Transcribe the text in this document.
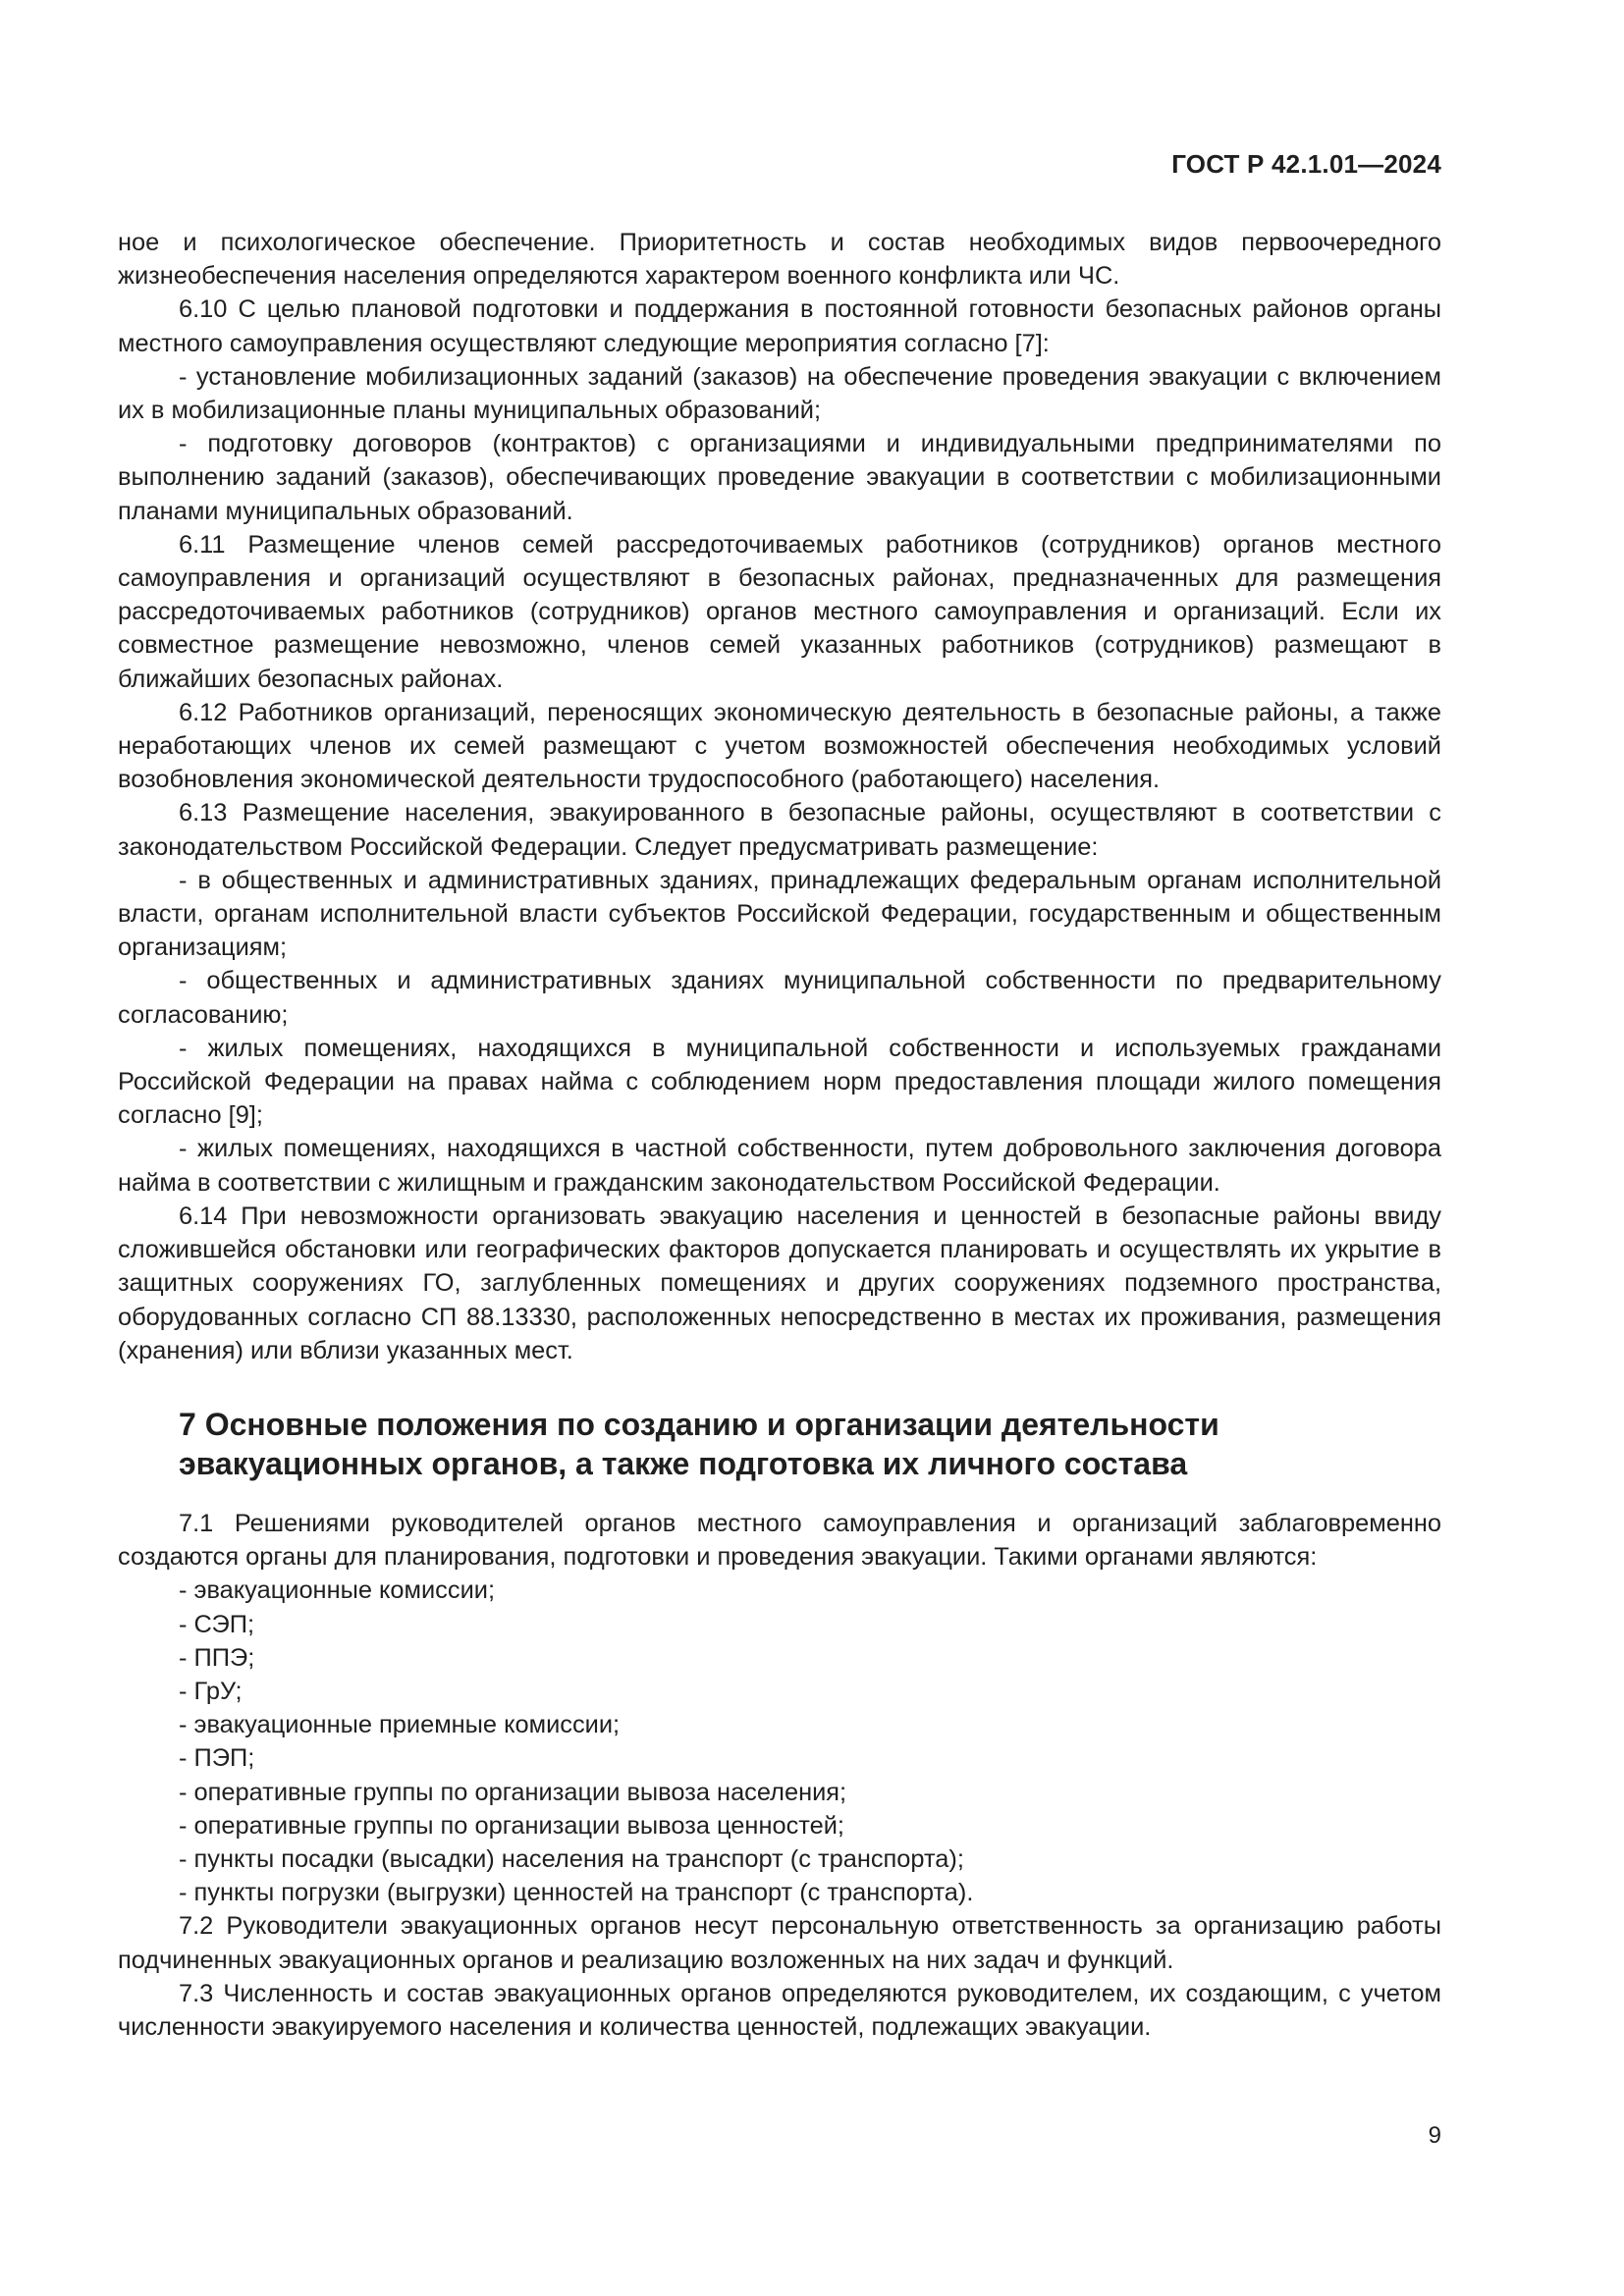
ГОСТ Р 42.1.01—2024

ное и психологическое обеспечение. Приоритетность и состав необходимых видов первоочередного жизнеобеспечения населения определяются характером военного конфликта или ЧС.

6.10 С целью плановой подготовки и поддержания в постоянной готовности безопасных районов органы местного самоуправления осуществляют следующие мероприятия согласно [7]:

- установление мобилизационных заданий (заказов) на обеспечение проведения эвакуации с включением их в мобилизационные планы муниципальных образований;

- подготовку договоров (контрактов) с организациями и индивидуальными предпринимателями по выполнению заданий (заказов), обеспечивающих проведение эвакуации в соответствии с мобилизационными планами муниципальных образований.

6.11 Размещение членов семей рассредоточиваемых работников (сотрудников) органов местного самоуправления и организаций осуществляют в безопасных районах, предназначенных для размещения рассредоточиваемых работников (сотрудников) органов местного самоуправления и организаций. Если их совместное размещение невозможно, членов семей указанных работников (сотрудников) размещают в ближайших безопасных районах.

6.12 Работников организаций, переносящих экономическую деятельность в безопасные районы, а также неработающих членов их семей размещают с учетом возможностей обеспечения необходимых условий возобновления экономической деятельности трудоспособного (работающего) населения.

6.13 Размещение населения, эвакуированного в безопасные районы, осуществляют в соответствии с законодательством Российской Федерации. Следует предусматривать размещение:

- в общественных и административных зданиях, принадлежащих федеральным органам исполнительной власти, органам исполнительной власти субъектов Российской Федерации, государственным и общественным организациям;

- общественных и административных зданиях муниципальной собственности по предварительному согласованию;

- жилых помещениях, находящихся в муниципальной собственности и используемых гражданами Российской Федерации на правах найма с соблюдением норм предоставления площади жилого помещения согласно [9];

- жилых помещениях, находящихся в частной собственности, путем добровольного заключения договора найма в соответствии с жилищным и гражданским законодательством Российской Федерации.

6.14 При невозможности организовать эвакуацию населения и ценностей в безопасные районы ввиду сложившейся обстановки или географических факторов допускается планировать и осуществлять их укрытие в защитных сооружениях ГО, заглубленных помещениях и других сооружениях подземного пространства, оборудованных согласно СП 88.13330, расположенных непосредственно в местах их проживания, размещения (хранения) или вблизи указанных мест.

7 Основные положения по созданию и организации деятельности эвакуационных органов, а также подготовка их личного состава

7.1 Решениями руководителей органов местного самоуправления и организаций заблаговременно создаются органы для планирования, подготовки и проведения эвакуации. Такими органами являются:

- эвакуационные комиссии;
- СЭП;
- ППЭ;
- ГрУ;
- эвакуационные приемные комиссии;
- ПЭП;
- оперативные группы по организации вывоза населения;
- оперативные группы по организации вывоза ценностей;
- пункты посадки (высадки) населения на транспорт (с транспорта);
- пункты погрузки (выгрузки) ценностей на транспорт (с транспорта).

7.2 Руководители эвакуационных органов несут персональную ответственность за организацию работы подчиненных эвакуационных органов и реализацию возложенных на них задач и функций.

7.3 Численность и состав эвакуационных органов определяются руководителем, их создающим, с учетом численности эвакуируемого населения и количества ценностей, подлежащих эвакуации.

9
